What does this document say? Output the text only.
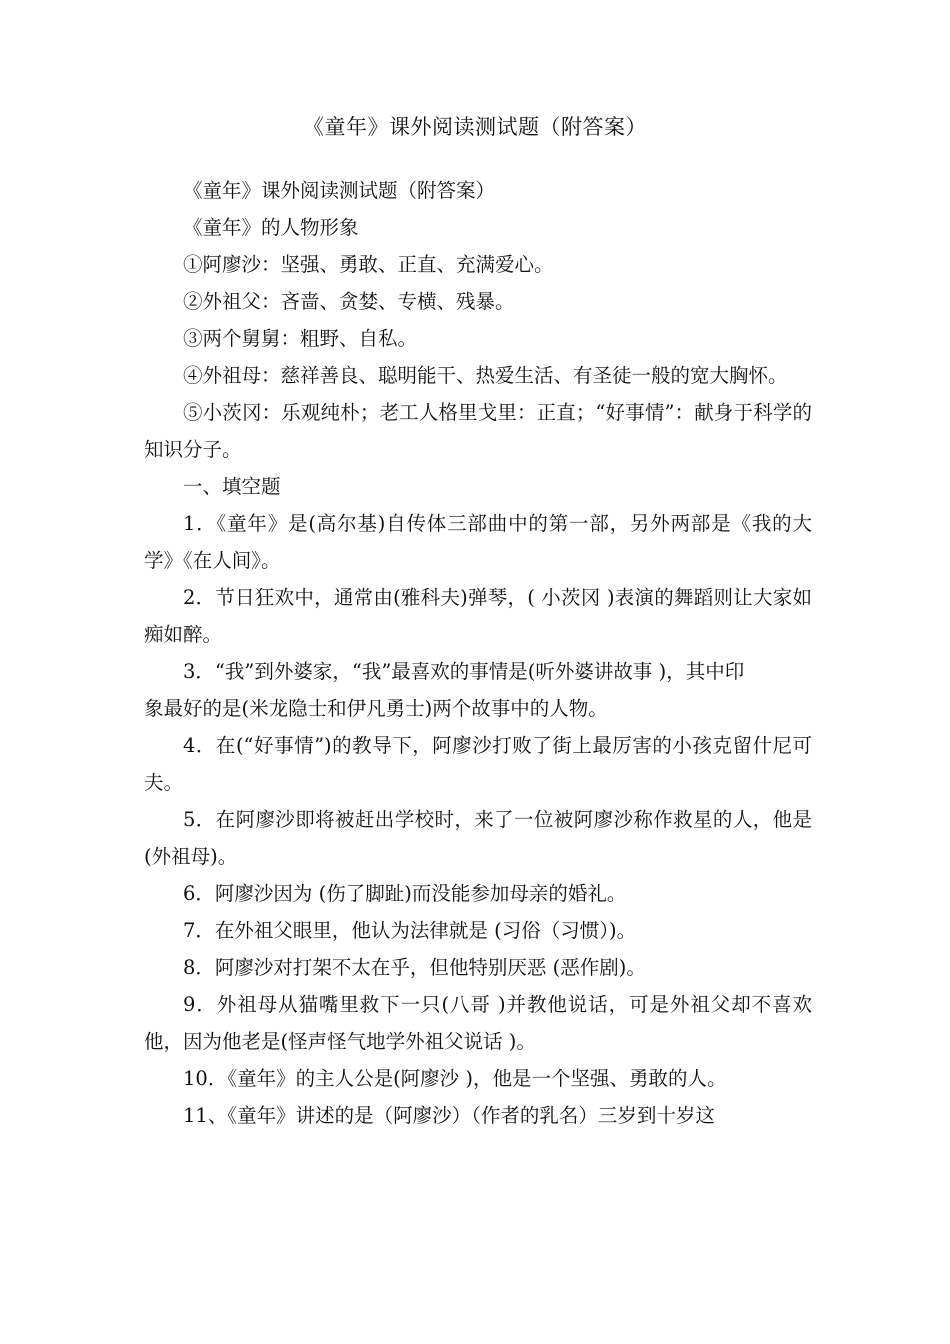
《童年》课外阅读测试题（附答案）

《童年》课外阅读测试题（附答案）

《童年》的人物形象

①阿廖沙：坚强、勇敢、正直、充满爱心。

②外祖父：吝啬、贪婪、专横、残暴。

③两个舅舅：粗野、自私。

④外祖母：慈祥善良、聪明能干、热爱生活、有圣徒一般的宽大胸怀。

⑤小茨冈：乐观纯朴；老工人格里戈里：正直；“好事情”：献身于科学的知识分子。

一、填空题

1．《童年》是(高尔基)自传体三部曲中的第一部，另外两部是《我的大学》《在人间》。

2．节日狂欢中，通常由(雅科夫)弹琴，( 小茨冈 )表演的舞蹈则让大家如痴如醉。

3．“我”到外婆家，“我”最喜欢的事情是(听外婆讲故事 )，其中印

象最好的是(米龙隐士和伊凡勇士)两个故事中的人物。

4．在(“好事情”)的教导下，阿廖沙打败了街上最厉害的小孩克留什尼可夫。

5．在阿廖沙即将被赶出学校时，来了一位被阿廖沙称作救星的人，他是(外祖母)。

6．阿廖沙因为 (伤了脚趾)而没能参加母亲的婚礼。

7．在外祖父眼里，他认为法律就是 (习俗（习惯）)。

8．阿廖沙对打架不太在乎，但他特别厌恶 (恶作剧)。

9．外祖母从猫嘴里救下一只(八哥 )并教他说话，可是外祖父却不喜欢他，因为他老是(怪声怪气地学外祖父说话 )。

10．《童年》的主人公是(阿廖沙 )，他是一个坚强、勇敢的人。

11、《童年》讲述的是（阿廖沙）（作者的乳名）三岁到十岁这
